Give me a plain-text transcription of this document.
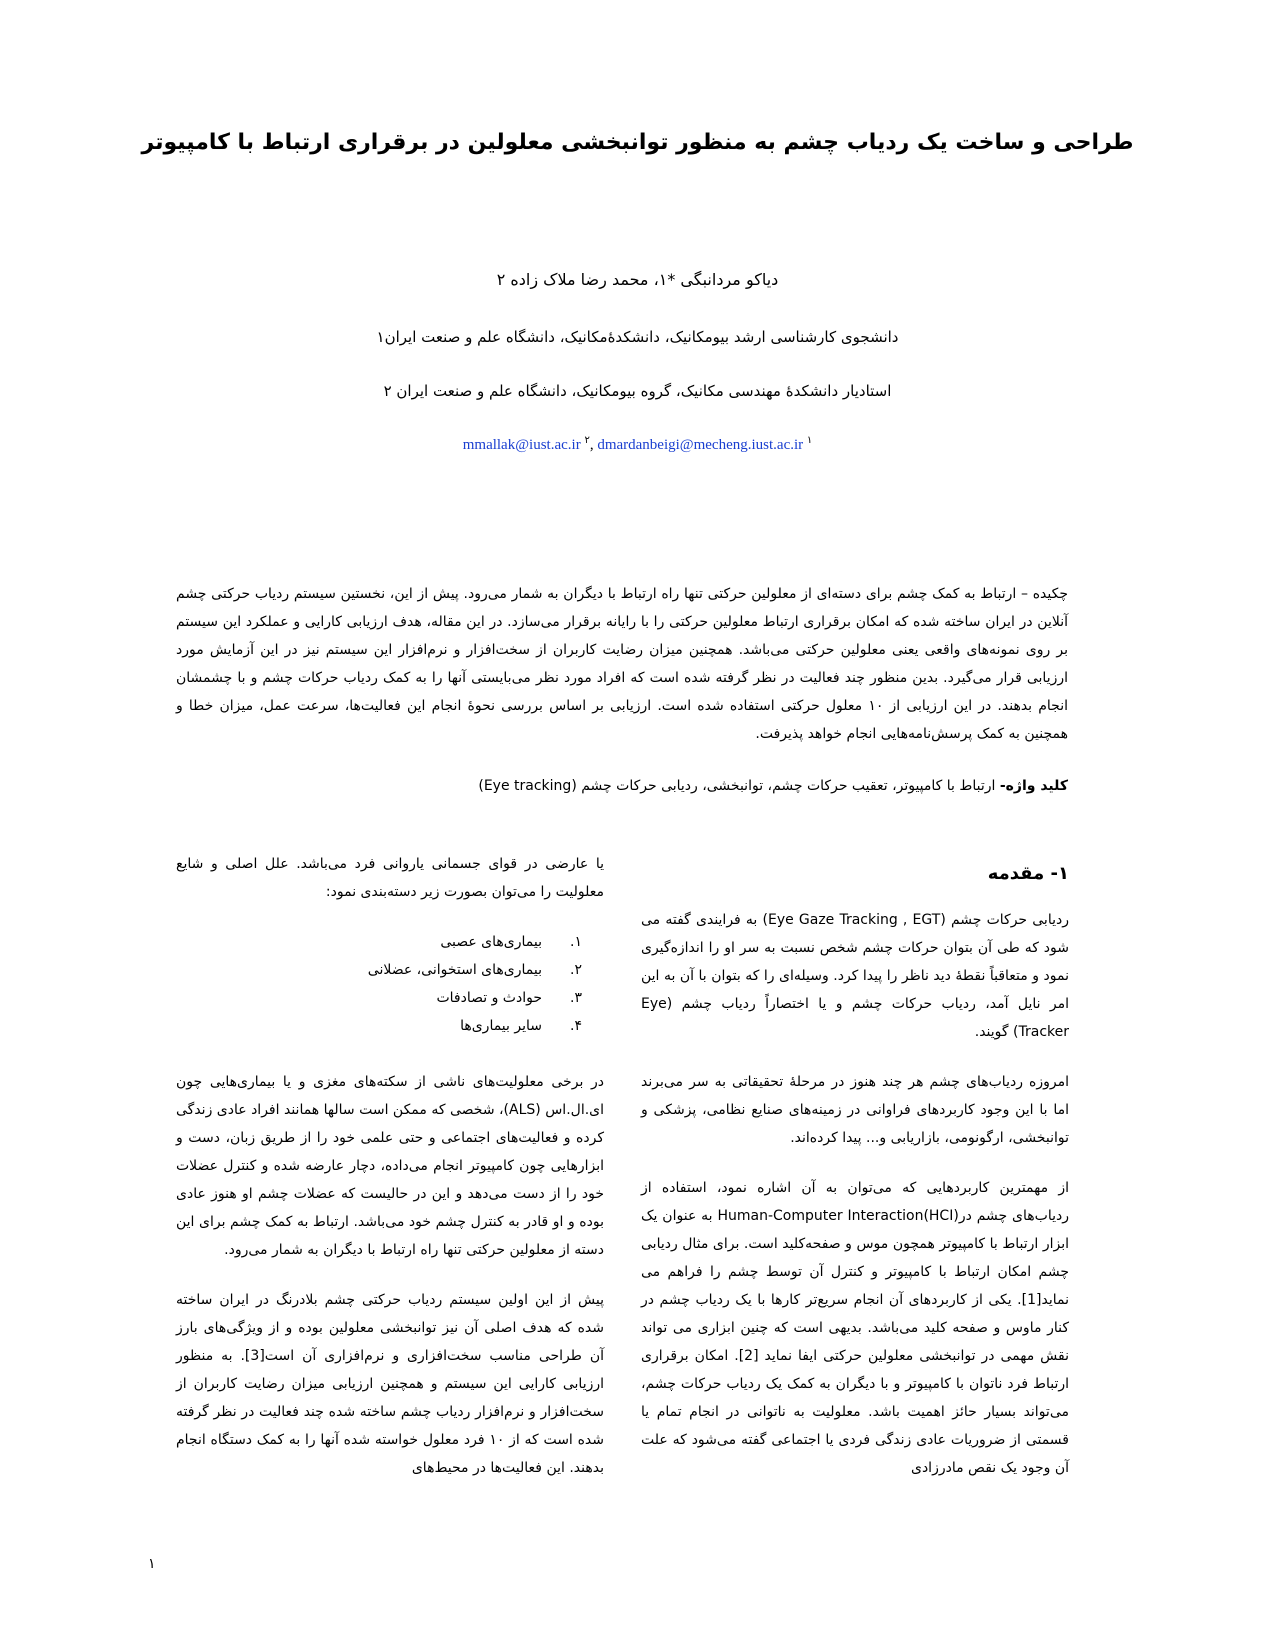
طراحی و ساخت یک ردیاب چشم به منظور توانبخشی معلولین در برقراری ارتباط با کامپیوتر
دیاکو مردانبگی *۱، محمد رضا ملاک زاده ۲
دانشجوی کارشناسی ارشد بیومکانیک، دانشکدۀمکانیک، دانشگاه علم و صنعت ایران۱
استادیار دانشکدۀ مهندسی مکانیک، گروه بیومکانیک، دانشگاه علم و صنعت ایران ۲
mmallak@iust.ac.ir $^۲$, dmardanbeigi@mecheng.iust.ac.ir $^۱$
چکیده – ارتباط به کمک چشم برای دسته‌ای از معلولین حرکتی تنها راه ارتباط با دیگران به شمار می‌رود. پیش از این، نخستین سیستم ردیاب حرکتی چشم آنلاین در ایران ساخته شده که امکان برقراری ارتباط معلولین حرکتی را با رایانه برقرار می‌سازد. در این مقاله، هدف ارزیابی کارایی و عملکرد این سیستم بر روی نمونه‌های واقعی یعنی معلولین حرکتی می‌باشد. همچنین میزان رضایت کاربران از سخت‌افزار و نرم‌افزار این سیستم نیز در این آزمایش مورد ارزیابی قرار می‌گیرد. بدین منظور چند فعالیت در نظر گرفته شده است که افراد مورد نظر می‌بایستی آنها را به کمک ردیاب حرکات چشم و با چشمشان انجام بدهند. در این ارزیابی از ۱۰ معلول حرکتی استفاده شده است. ارزیابی بر اساس بررسی نحوۀ انجام این فعالیت‌ها، سرعت عمل، میزان خطا و همچنین به کمک پرسش‌نامه‌هایی انجام خواهد پذیرفت.
کلید واژه- ارتباط با کامپیوتر، تعقیب حرکات چشم، توانبخشی، ردیابی حرکات چشم (Eye tracking)
۱- مقدمه

ردیابی حرکات چشم (Eye Gaze Tracking , EGT) به فرایندی گفته می شود که طی آن بتوان حرکات چشم شخص نسبت به سر او را اندازه‌گیری نمود و متعاقباً نقطۀ دید ناظر را پیدا کرد. وسیله‌ای را که بتوان با آن به این امر نایل آمد، ردیاب حرکات چشم و یا اختصاراً ردیاب چشم (Eye Tracker) گویند.

امروزه ردیاب‌های چشم هر چند هنوز در مرحلۀ تحقیقاتی به سر می‌برند اما با این وجود کاربردهای فراوانی در زمینه‌های صنایع نظامی، پزشکی و توانبخشی، ارگونومی، بازاریابی و... پیدا کرده‌اند.

از مهمترین کاربردهایی که می‌توان به آن اشاره نمود، استفاده از ردیاب‌های چشم درHuman-Computer Interaction(HCI) به عنوان یک ابزار ارتباط با کامپیوتر همچون موس و صفحه‌کلید است. برای مثال ردیابی چشم امکان ارتباط با کامپیوتر و کنترل آن توسط چشم را فراهم می نماید[1]. یکی از کاربردهای آن انجام سریع‌تر کارها با یک ردیاب چشم در کنار ماوس و صفحه کلید می‌باشد. بدیهی است که چنین ابزاری می تواند نقش مهمی در توانبخشی معلولین حرکتی ایفا نماید [2]. امکان برقراری ارتباط فرد ناتوان با کامپیوتر و با دیگران به کمک یک ردیاب حرکات چشم، می‌تواند بسیار حائز اهمیت باشد. معلولیت به ناتوانی در انجام تمام یا قسمتی از ضروریات عادی زندگی فردی یا اجتماعی گفته می‌شود که علت آن وجود یک نقص مادرزادی

یا عارضی در قوای جسمانی یاروانی فرد می‌باشد. علل اصلی و شایع معلولیت را می‌توان بصورت زیر دسته‌بندی نمود:

۱.
بیماری‌های عصبی
۲.
بیماری‌های استخوانی، عضلانی
۳.
حوادث و تصادفات
۴.
سایر بیماری‌ها

در برخی معلولیت‌های ناشی از سکته‌های مغزی و یا بیماری‌هایی چون ای.ال.اس (ALS)، شخصی که ممکن است سالها همانند افراد عادی زندگی کرده و فعالیت‌های اجتماعی و حتی علمی خود را از طریق زبان، دست و ابزارهایی چون کامپیوتر انجام می‌داده، دچار عارضه شده و کنترل عضلات خود را از دست می‌دهد و این در حالیست که عضلات چشم او هنوز عادی بوده و او قادر به کنترل چشم خود می‌باشد. ارتباط به کمک چشم برای این دسته از معلولین حرکتی تنها راه ارتباط با دیگران به شمار می‌رود.

پیش از این اولین سیستم ردیاب حرکتی چشم بلادرنگ در ایران ساخته شده که هدف اصلی آن نیز توانبخشی معلولین بوده و از ویژگی‌های بارز آن طراحی مناسب سخت‌افزاری و نرم‌افزاری آن است[3]. به منظور ارزیابی کارایی این سیستم و همچنین ارزیابی میزان رضایت کاربران از سخت‌افزار و نرم‌افزار ردیاب چشم ساخته شده چند فعالیت در نظر گرفته شده است که از ۱۰ فرد معلول خواسته شده آنها را به کمک دستگاه انجام بدهند. این فعالیت‌ها در محیط‌های

۱
